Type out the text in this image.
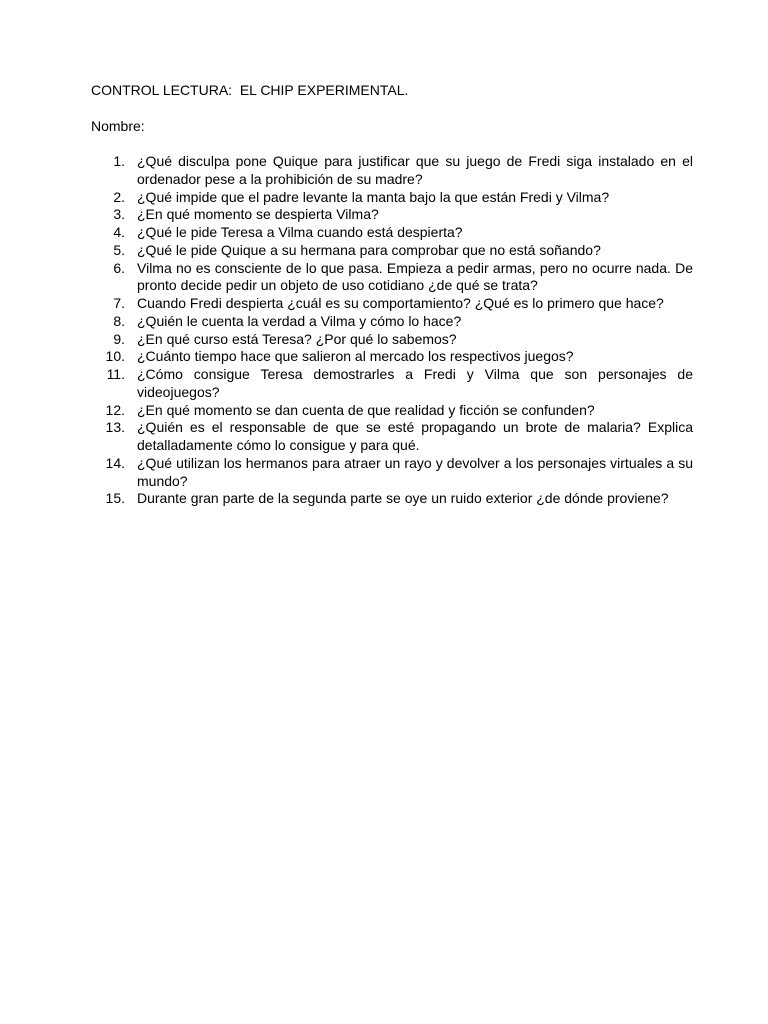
CONTROL LECTURA:  EL CHIP EXPERIMENTAL.
Nombre:
1. ¿Qué disculpa pone Quique para justificar que su juego de Fredi siga instalado en el ordenador pese a la prohibición de su madre?
2. ¿Qué impide que el padre levante la manta bajo la que están Fredi y Vilma?
3. ¿En qué momento se despierta Vilma?
4. ¿Qué le pide Teresa a Vilma cuando está despierta?
5. ¿Qué le pide Quique a su hermana para comprobar que no está soñando?
6. Vilma no es consciente de lo que pasa. Empieza a pedir armas, pero no ocurre nada. De pronto decide pedir un objeto de uso cotidiano ¿de qué se trata?
7. Cuando Fredi despierta ¿cuál es su comportamiento? ¿Qué es lo primero que hace?
8. ¿Quién le cuenta la verdad a Vilma y cómo lo hace?
9. ¿En qué curso está Teresa? ¿Por qué lo sabemos?
10. ¿Cuánto tiempo hace que salieron al mercado los respectivos juegos?
11. ¿Cómo consigue Teresa demostrarles a Fredi y Vilma que son personajes de videojuegos?
12. ¿En qué momento se dan cuenta de que realidad y ficción se confunden?
13. ¿Quién es el responsable de que se esté propagando un brote de malaria? Explica detalladamente cómo lo consigue y para qué.
14. ¿Qué utilizan los hermanos para atraer un rayo y devolver a los personajes virtuales a su mundo?
15. Durante gran parte de la segunda parte se oye un ruido exterior ¿de dónde proviene?
